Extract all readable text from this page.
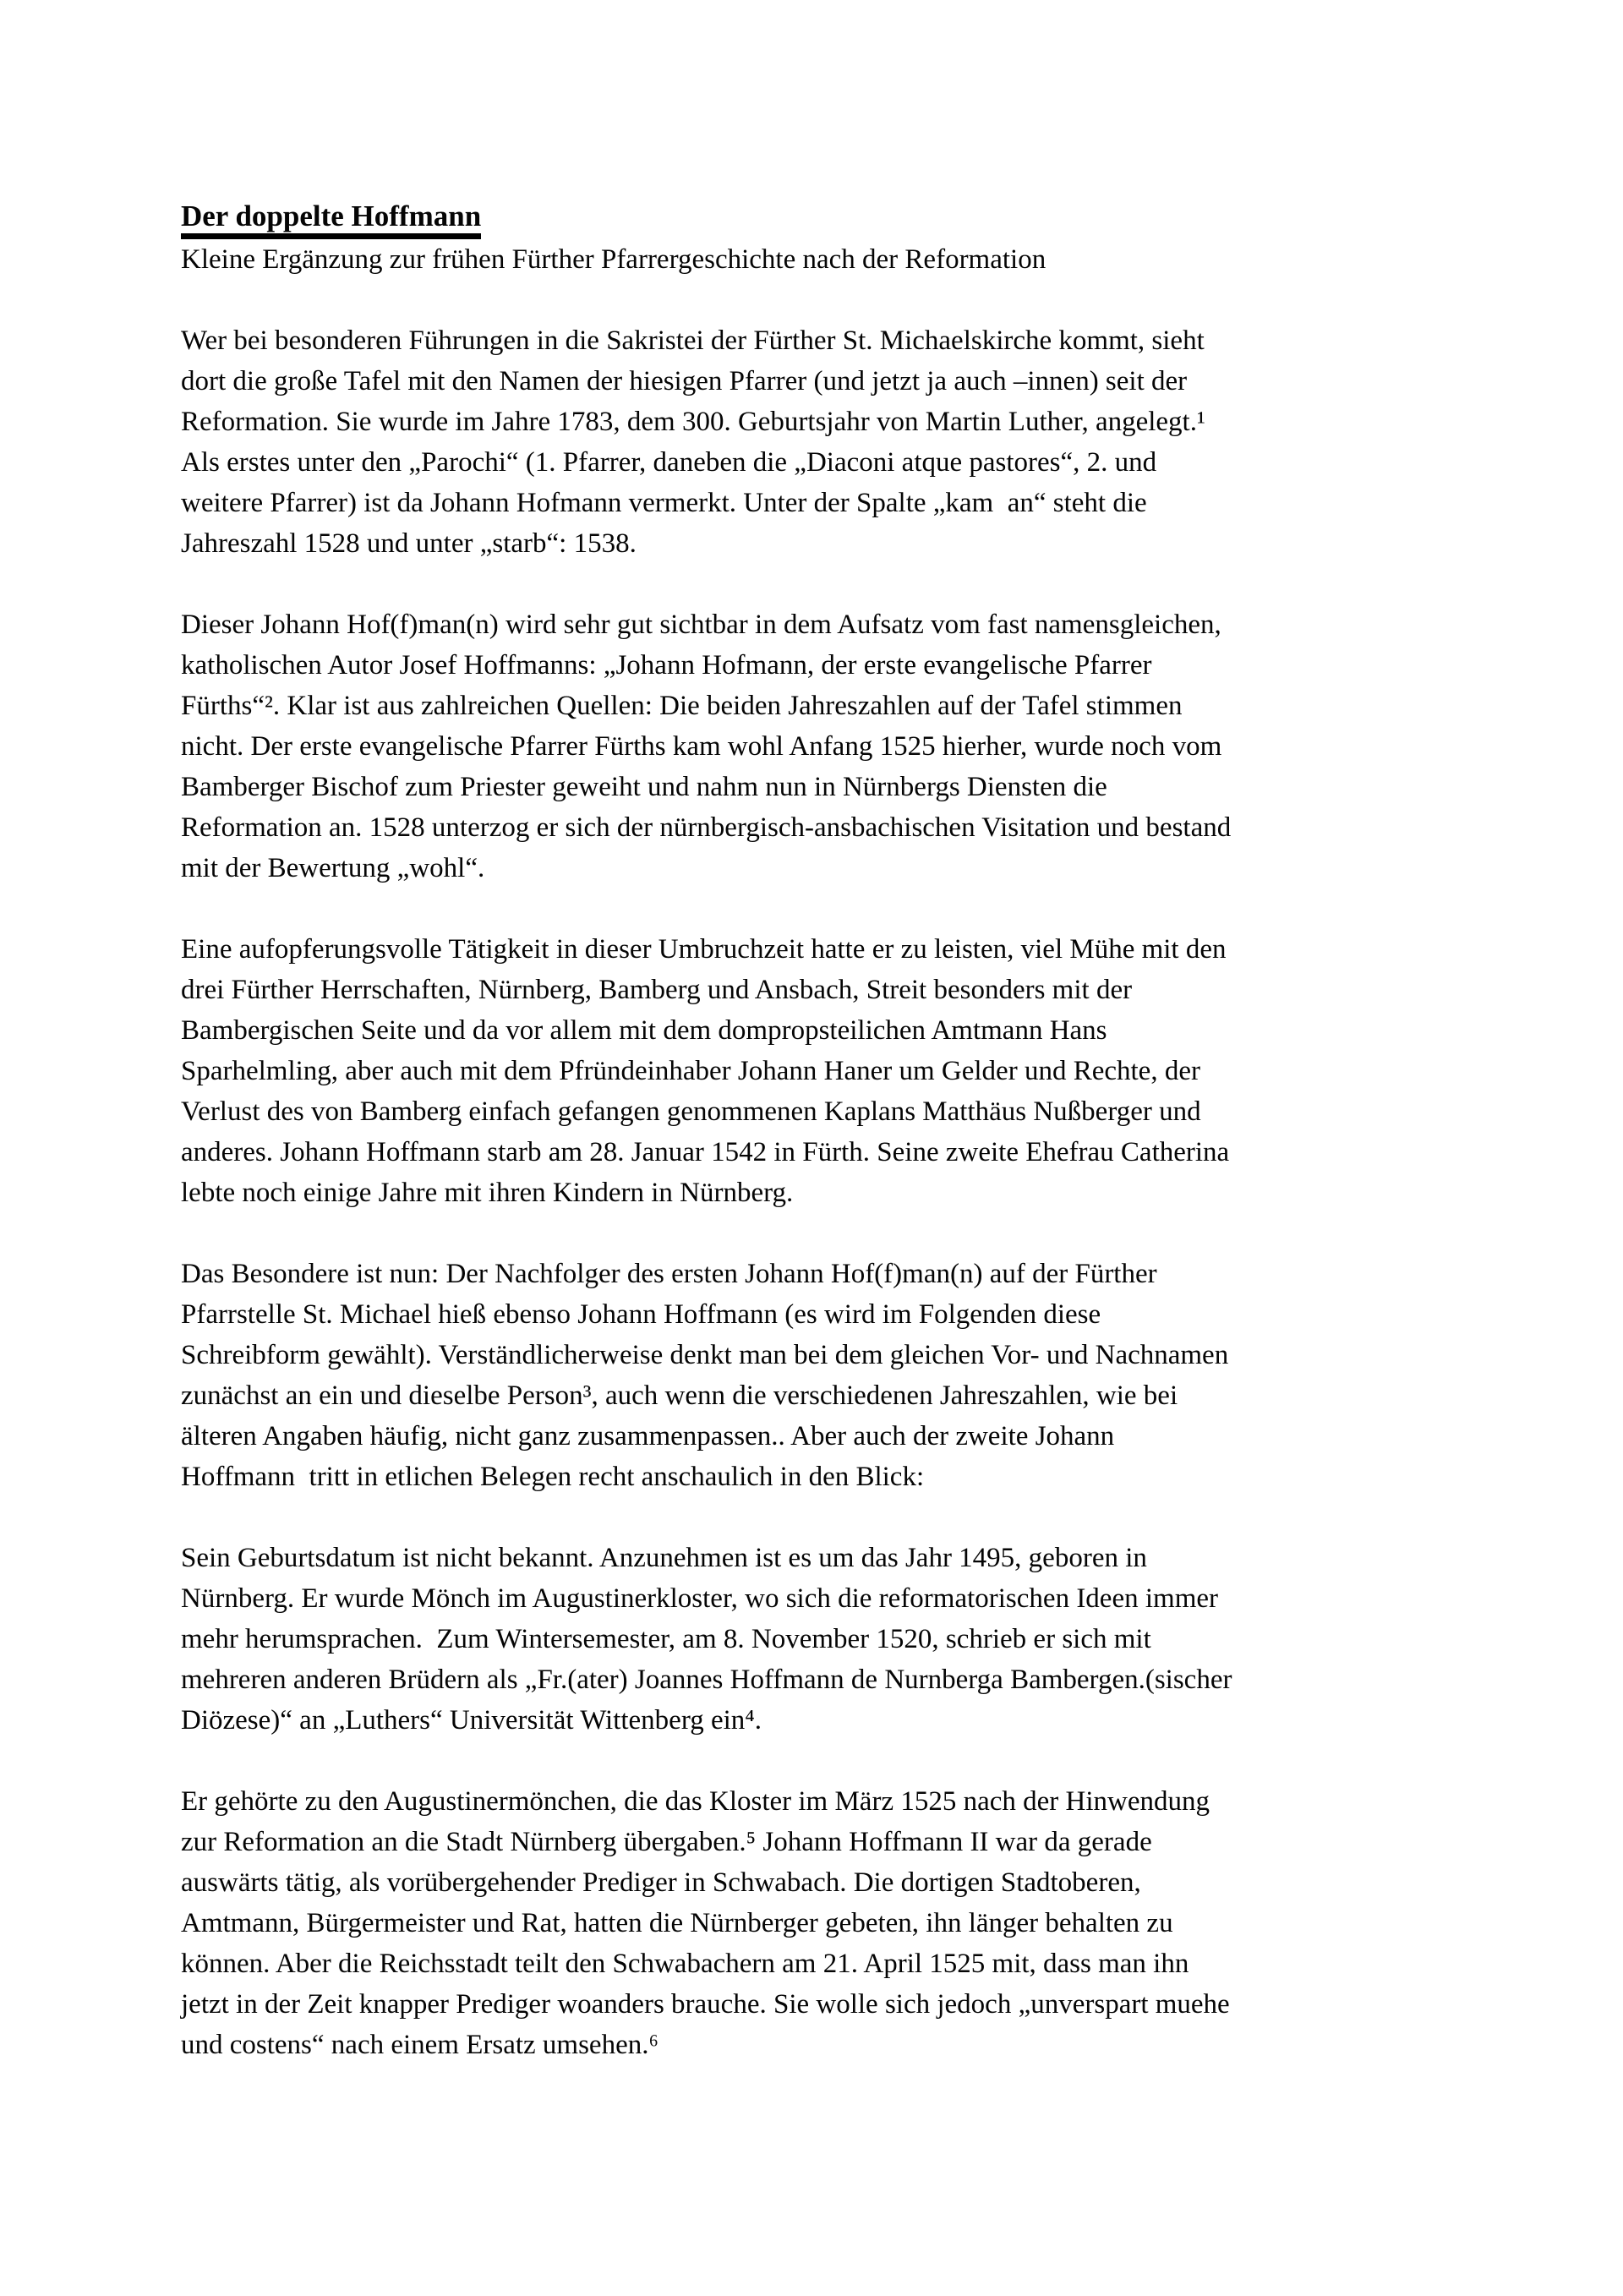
Der doppelte Hoffmann
Kleine Ergänzung zur frühen Fürther Pfarrergeschichte nach der Reformation
Wer bei besonderen Führungen in die Sakristei der Fürther St. Michaelskirche kommt, sieht
dort die große Tafel mit den Namen der hiesigen Pfarrer (und jetzt ja auch –innen) seit der
Reformation. Sie wurde im Jahre 1783, dem 300. Geburtsjahr von Martin Luther, angelegt.¹
Als erstes unter den „Parochi“ (1. Pfarrer, daneben die „Diaconi atque pastores“, 2. und
weitere Pfarrer) ist da Johann Hofmann vermerkt. Unter der Spalte „kam  an“ steht die
Jahreszahl 1528 und unter „starb“: 1538.
Dieser Johann Hof(f)man(n) wird sehr gut sichtbar in dem Aufsatz vom fast namensgleichen,
katholischen Autor Josef Hoffmanns: „Johann Hofmann, der erste evangelische Pfarrer
Fürths“². Klar ist aus zahlreichen Quellen: Die beiden Jahreszahlen auf der Tafel stimmen
nicht. Der erste evangelische Pfarrer Fürths kam wohl Anfang 1525 hierher, wurde noch vom
Bamberger Bischof zum Priester geweiht und nahm nun in Nürnbergs Diensten die
Reformation an. 1528 unterzog er sich der nürnbergisch-ansbachischen Visitation und bestand
mit der Bewertung „wohl“.
Eine aufopferungsvolle Tätigkeit in dieser Umbruchzeit hatte er zu leisten, viel Mühe mit den
drei Fürther Herrschaften, Nürnberg, Bamberg und Ansbach, Streit besonders mit der
Bambergischen Seite und da vor allem mit dem dompropsteilichen Amtmann Hans
Sparhelmling, aber auch mit dem Pfründeinhaber Johann Haner um Gelder und Rechte, der
Verlust des von Bamberg einfach gefangen genommenen Kaplans Matthäus Nußberger und
anderes. Johann Hoffmann starb am 28. Januar 1542 in Fürth. Seine zweite Ehefrau Catherina
lebte noch einige Jahre mit ihren Kindern in Nürnberg.
Das Besondere ist nun: Der Nachfolger des ersten Johann Hof(f)man(n) auf der Fürther
Pfarrstelle St. Michael hieß ebenso Johann Hoffmann (es wird im Folgenden diese
Schreibform gewählt). Verständlicherweise denkt man bei dem gleichen Vor- und Nachnamen
zunächst an ein und dieselbe Person³, auch wenn die verschiedenen Jahreszahlen, wie bei
älteren Angaben häufig, nicht ganz zusammenpassen.. Aber auch der zweite Johann
Hoffmann  tritt in etlichen Belegen recht anschaulich in den Blick:
Sein Geburtsdatum ist nicht bekannt. Anzunehmen ist es um das Jahr 1495, geboren in
Nürnberg. Er wurde Mönch im Augustinerkloster, wo sich die reformatorischen Ideen immer
mehr herumsprachen.  Zum Wintersemester, am 8. November 1520, schrieb er sich mit
mehreren anderen Brüdern als „Fr.(ater) Joannes Hoffmann de Nurnberga Bambergen.(sischer
Diözese)“ an „Luthers“ Universität Wittenberg ein⁴.
Er gehörte zu den Augustinermönchen, die das Kloster im März 1525 nach der Hinwendung
zur Reformation an die Stadt Nürnberg übergaben.⁵ Johann Hoffmann II war da gerade
auswärts tätig, als vorübergehender Prediger in Schwabach. Die dortigen Stadtoberen,
Amtmann, Bürgermeister und Rat, hatten die Nürnberger gebeten, ihn länger behalten zu
können. Aber die Reichsstadt teilt den Schwabachern am 21. April 1525 mit, dass man ihn
jetzt in der Zeit knapper Prediger woanders brauche. Sie wolle sich jedoch „unverspart muehe
und costens“ nach einem Ersatz umsehen.⁶
